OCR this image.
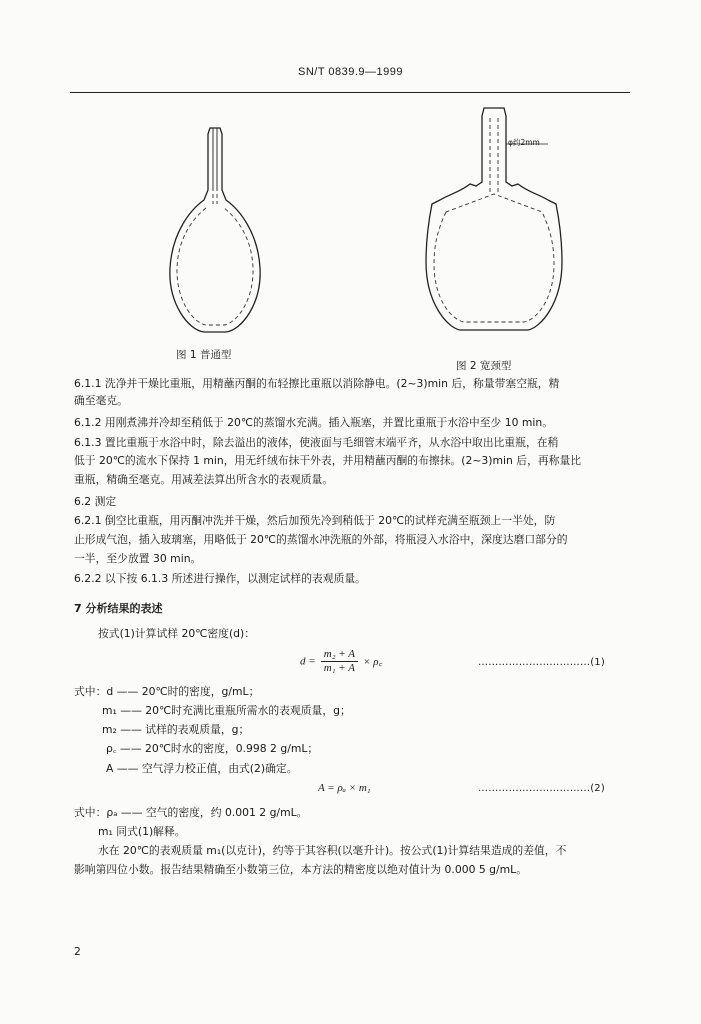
SN/T 0839.9—1999
图 1 普通型
φ约2mm
图 2 宽颈型
6.1.1 洗净并干燥比重瓶，用精蘸丙酮的布轻擦比重瓶以消除静电。(2~3)min 后，称量带塞空瓶，精
确至毫克。
6.1.2 用刚煮沸并冷却至稍低于 20℃的蒸馏水充满。插入瓶塞，并置比重瓶于水浴中至少 10 min。
6.1.3 置比重瓶于水浴中时，除去溢出的液体，使液面与毛细管末端平齐，从水浴中取出比重瓶，在稍
低于 20℃的流水下保持 1 min，用无纤绒布抹干外表，并用精蘸丙酮的布擦抹。(2~3)min 后，再称量比
重瓶，精确至毫克。用减差法算出所含水的表观质量。
6.2 测定
6.2.1 倒空比重瓶，用丙酮冲洗并干燥，然后加预先冷到稍低于 20℃的试样充满至瓶颈上一半处，防
止形成气泡，插入玻璃塞，用略低于 20℃的蒸馏水冲洗瓶的外部，将瓶浸入水浴中，深度达磨口部分的
一半，至少放置 30 min。
6.2.2 以下按 6.1.3 所述进行操作，以测定试样的表观质量。
7 分析结果的表述
按式(1)计算试样 20℃密度(d)：
$d = \frac{\text{m₂ + A}}{\text{m₁ + A}}$ × ρ꜀	……………………………(1)
式中：d —— 20℃时的密度，g/mL；
m₁ —— 20℃时充满比重瓶所需水的表观质量，g；
m₂ —— 试样的表观质量，g；
ρ꜀ —— 20℃时水的密度，0.998 2 g/mL；
A —— 空气浮力校正值，由式(2)确定。
A = ρₐ × m₁	……………………………(2)
式中：ρₐ —— 空气的密度，约 0.001 2 g/mL。
m₁ 同式(1)解释。
水在 20℃的表观质量 m₁(以克计)，约等于其容积(以毫升计)。按公式(1)计算结果造成的差值，不
影响第四位小数。报告结果精确至小数第三位，本方法的精密度以绝对值计为 0.000 5 g/mL。
2
